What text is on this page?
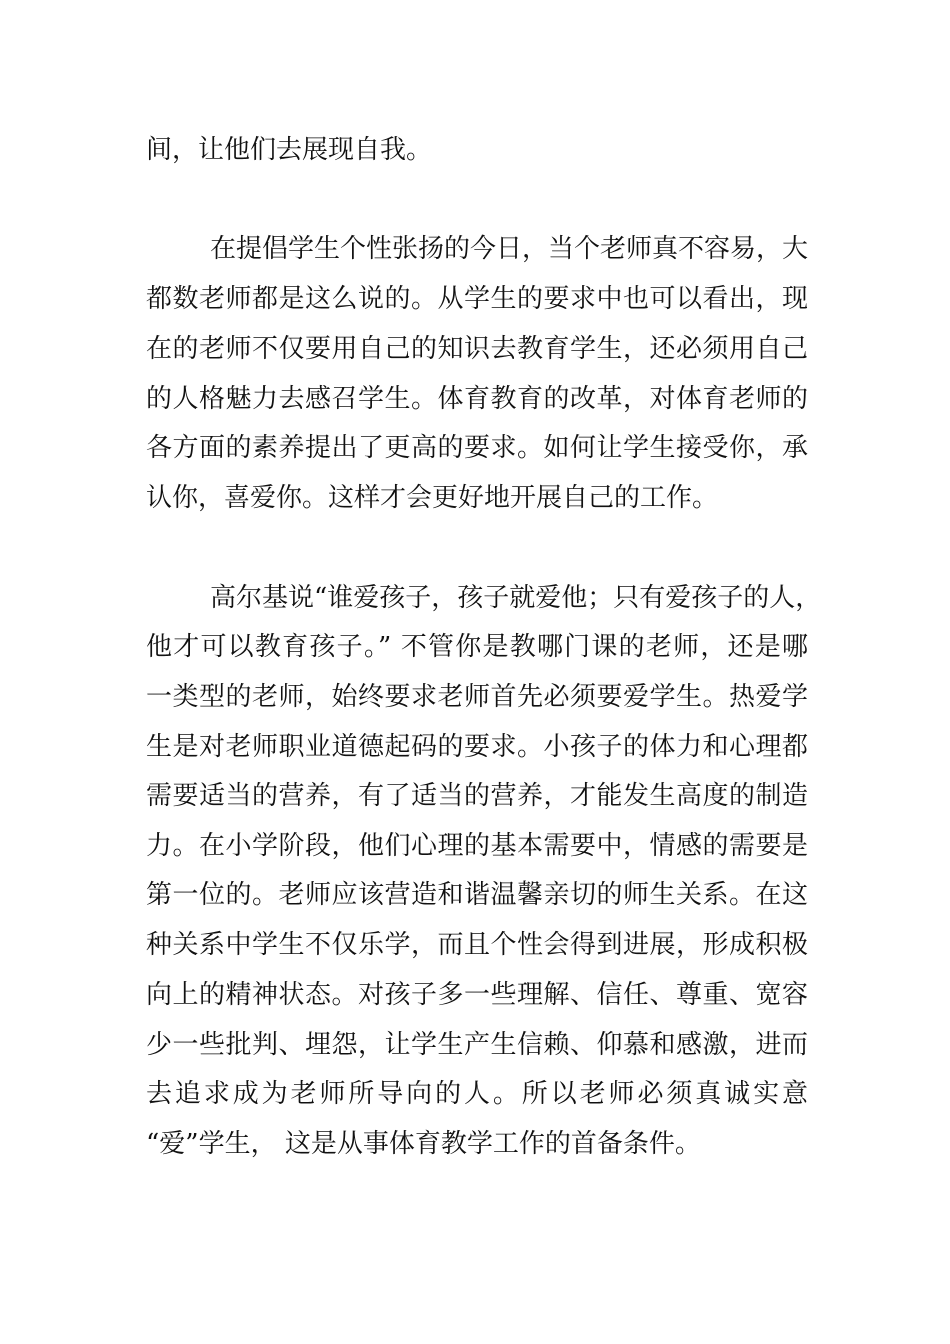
间，让他们去展现自我。
在提倡学生个性张扬的今日，当个老师真不容易，大
都数老师都是这么说的。从学生的要求中也可以看出，现
在的老师不仅要用自己的知识去教育学生，还必须用自己
的人格魅力去感召学生。体育教育的改革，对体育老师的
各方面的素养提出了更高的要求。如何让学生接受你，承
认你，喜爱你。这样才会更好地开展自己的工作。
高尔基说“谁爱孩子，孩子就爱他；只有爱孩子的人，
他才可以教育孩子。” 不管你是教哪门课的老师，还是哪
一类型的老师，始终要求老师首先必须要爱学生。热爱学
生是对老师职业道德起码的要求。小孩子的体力和心理都
需要适当的营养，有了适当的营养，才能发生高度的制造
力。在小学阶段，他们心理的基本需要中，情感的需要是
第一位的。老师应该营造和谐温馨亲切的师生关系。在这
种关系中学生不仅乐学，而且个性会得到进展，形成积极
向上的精神状态。对孩子多一些理解、信任、尊重、宽容
少一些批判、埋怨，让学生产生信赖、仰慕和感激，进而
去追求成为老师所导向的人。所以老师必须真诚实意
“爱”学生， 这是从事体育教学工作的首备条件。
